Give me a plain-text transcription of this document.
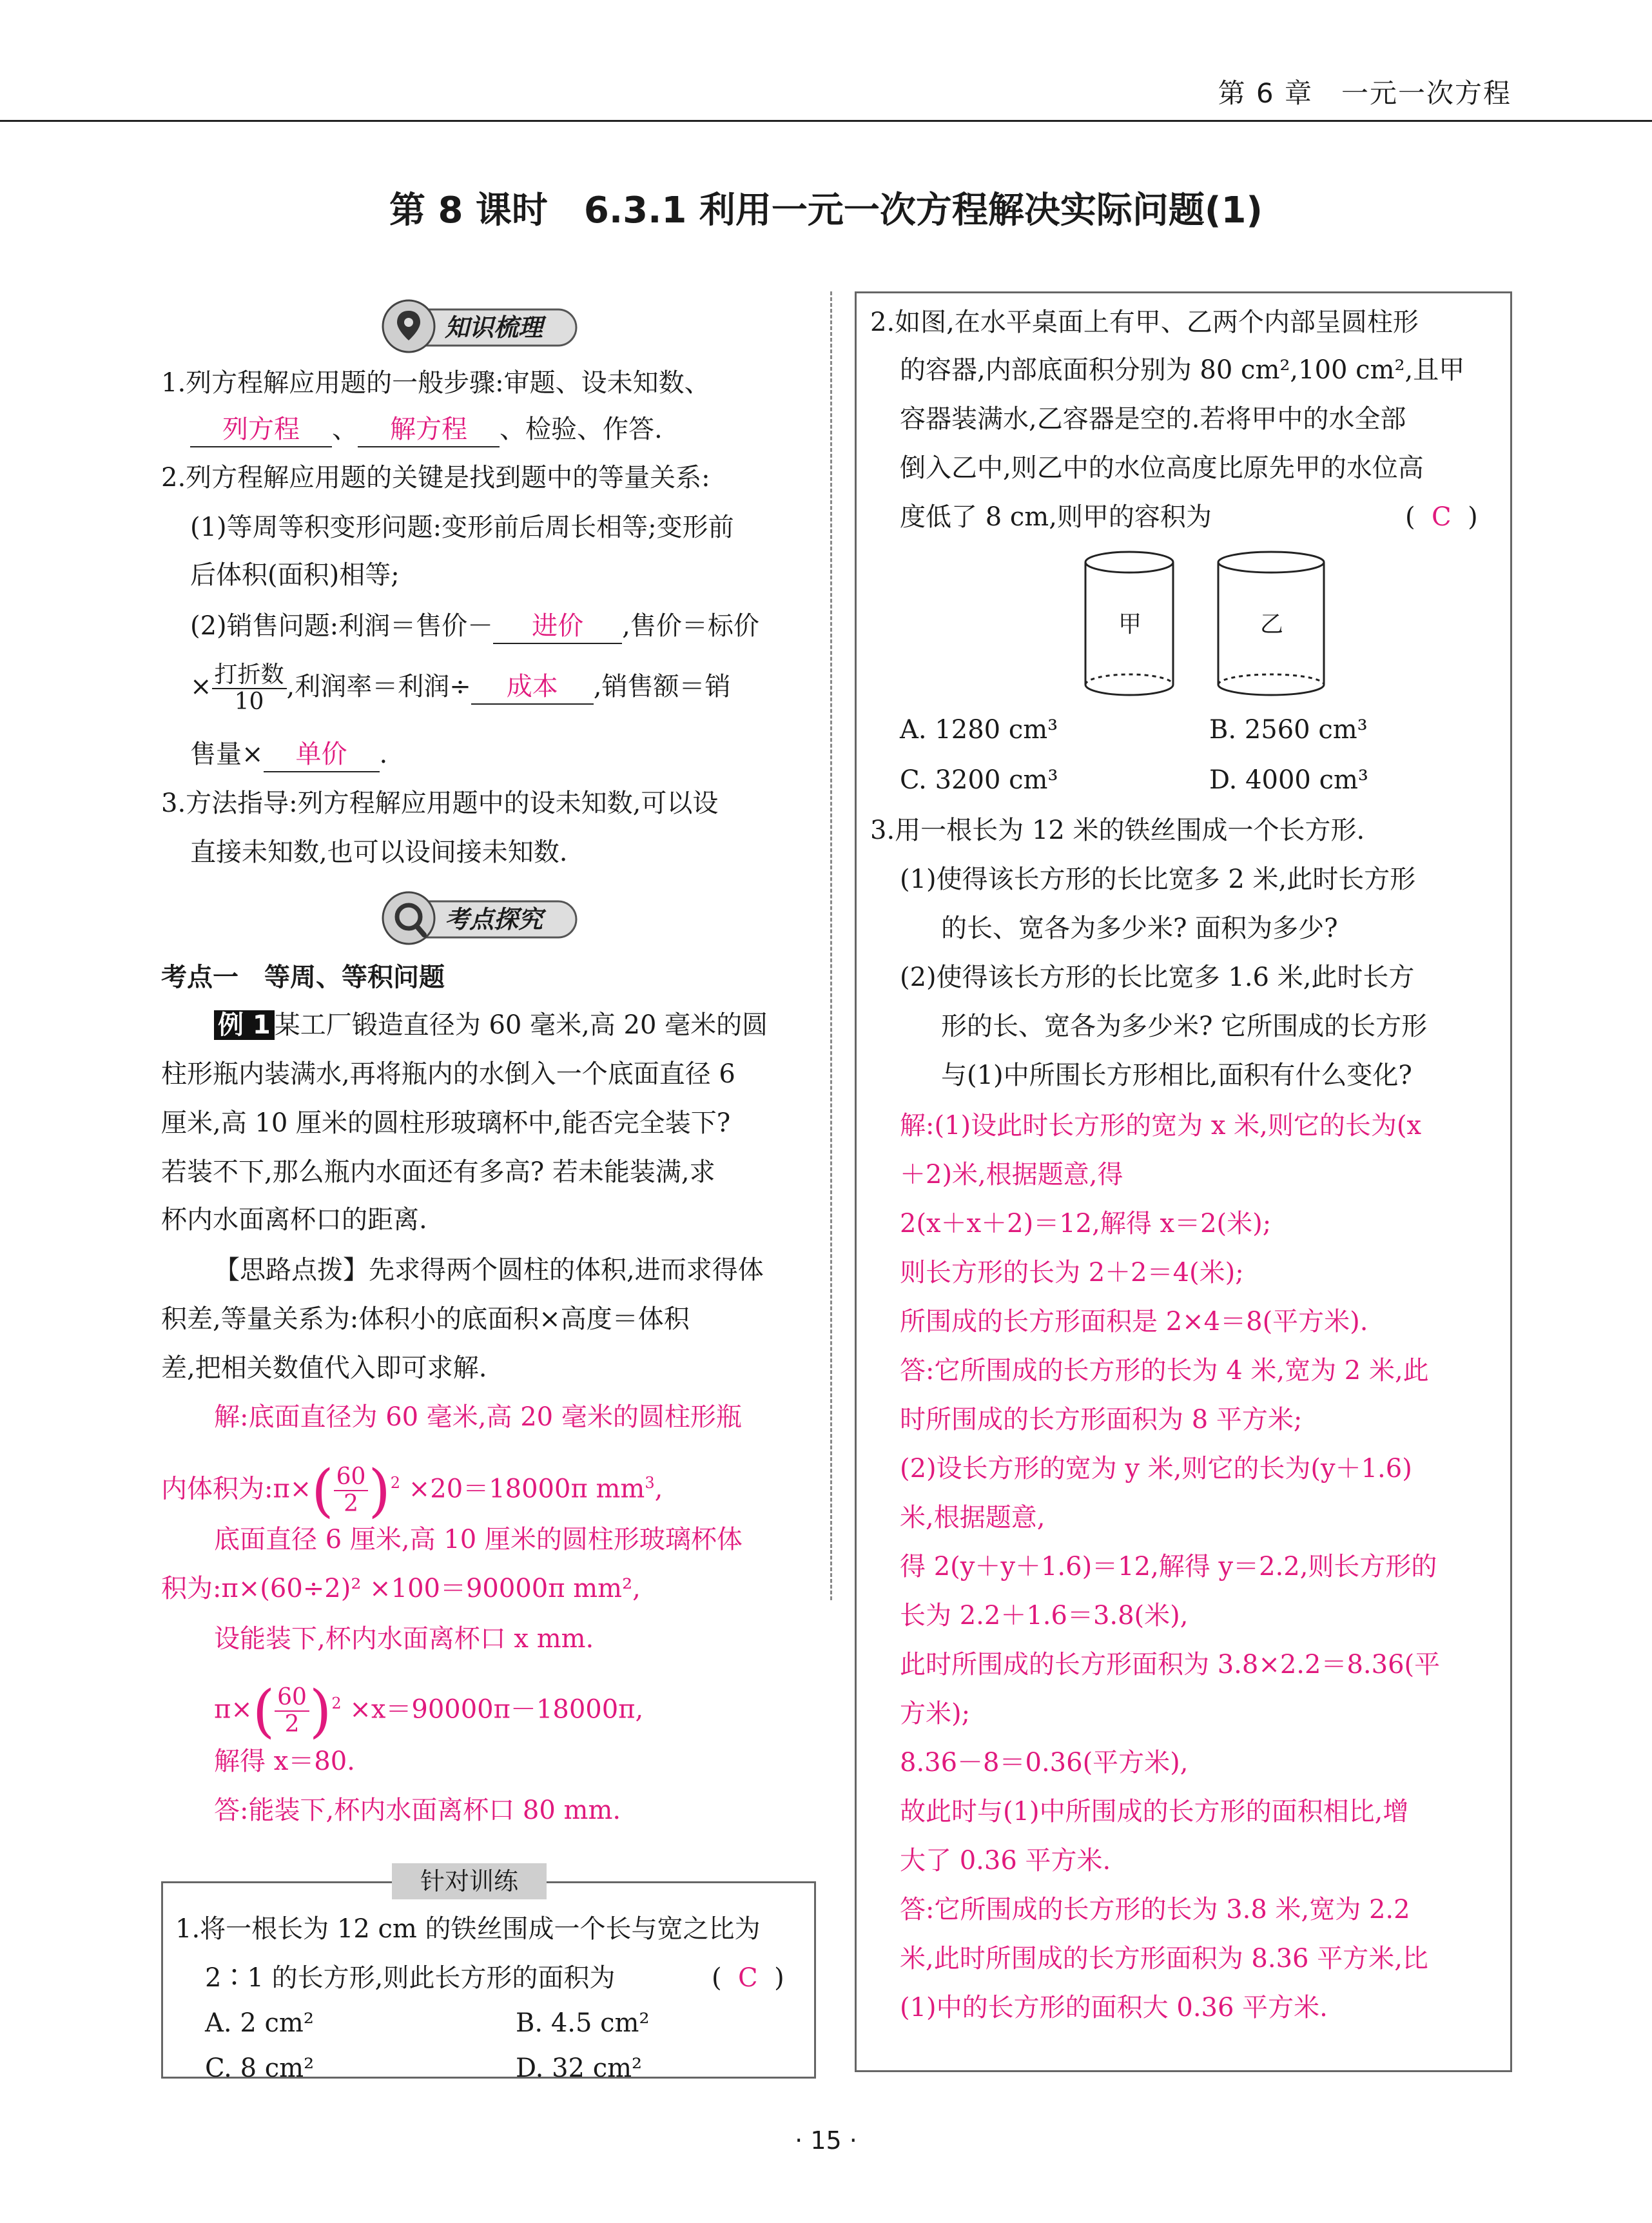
第 6 章　一元一次方程
第 8 课时　6.3.1 利用一元一次方程解决实际问题(1)
知识梳理
1.列方程解应用题的一般步骤:审题、设未知数、
列方程 、 解方程 、检验、作答.
2.列方程解应用题的关键是找到题中的等量关系:
(1)等周等积变形问题:变形前后周长相等;变形前
后体积(面积)相等;
(2)销售问题:利润＝售价－ 进价 ,售价＝标价
× $\frac{\text{打折数}}{10}$ ,利润率＝利润÷ 成本 ,销售额＝销
售量× 单价 .
3.方法指导:列方程解应用题中的设未知数,可以设
直接未知数,也可以设间接未知数.
考点探究
考点一　等周、等积问题
例 1 某工厂锻造直径为 60 毫米,高 20 毫米的圆
柱形瓶内装满水,再将瓶内的水倒入一个底面直径 6
厘米,高 10 厘米的圆柱形玻璃杯中,能否完全装下?
若装不下,那么瓶内水面还有多高? 若未能装满,求
杯内水面离杯口的距离.
【思路点拨】先求得两个圆柱的体积,进而求得体
积差,等量关系为:体积小的底面积×高度＝体积
差,把相关数值代入即可求解.
解:底面直径为 60 毫米,高 20 毫米的圆柱形瓶
内体积为:π×( $\frac{60}{2} )^2 \times 20=18000\pi$ $mm^3$,
底面直径 6 厘米,高 10 厘米的圆柱形玻璃杯体
积为:π×(60÷2)² ×100＝90000π mm²,
设能装下,杯内水面离杯口 x mm.
$\pi\times( \frac{60}{2} )^2 \times x=90000\pi-18000\pi$,
解得 x＝80.
答:能装下,杯内水面离杯口 80 mm.
针对训练
1.将一根长为 12 cm 的铁丝围成一个长与宽之比为
2∶1 的长方形,则此长方形的面积为	(  C  )
A. 2 cm²	B. 4.5 cm²
C. 8 cm²	D. 32 cm²
2.如图,在水平桌面上有甲、乙两个内部呈圆柱形
的容器,内部底面积分别为 80 cm²,100 cm²,且甲
容器装满水,乙容器是空的.若将甲中的水全部
倒入乙中,则乙中的水位高度比原先甲的水位高
度低了 8 cm,则甲的容积为	(  C  )
甲	乙
A. 1280 cm³	B. 2560 cm³
C. 3200 cm³	D. 4000 cm³
3.用一根长为 12 米的铁丝围成一个长方形.
(1)使得该长方形的长比宽多 2 米,此时长方形
的长、宽各为多少米? 面积为多少?
(2)使得该长方形的长比宽多 1.6 米,此时长方
形的长、宽各为多少米? 它所围成的长方形
与(1)中所围长方形相比,面积有什么变化?
解:(1)设此时长方形的宽为 x 米,则它的长为(x
＋2)米,根据题意,得
2(x＋x＋2)＝12,解得 x＝2(米);
则长方形的长为 2＋2＝4(米);
所围成的长方形面积是 2×4＝8(平方米).
答:它所围成的长方形的长为 4 米,宽为 2 米,此
时所围成的长方形面积为 8 平方米;
(2)设长方形的宽为 y 米,则它的长为(y＋1.6)
米,根据题意,
得 2(y＋y＋1.6)＝12,解得 y＝2.2,则长方形的
长为 2.2＋1.6＝3.8(米),
此时所围成的长方形面积为 3.8×2.2＝8.36(平
方米);
8.36－8＝0.36(平方米),
故此时与(1)中所围成的长方形的面积相比,增
大了 0.36 平方米.
答:它所围成的长方形的长为 3.8 米,宽为 2.2
米,此时所围成的长方形面积为 8.36 平方米,比
(1)中的长方形的面积大 0.36 平方米.
· 15 ·
